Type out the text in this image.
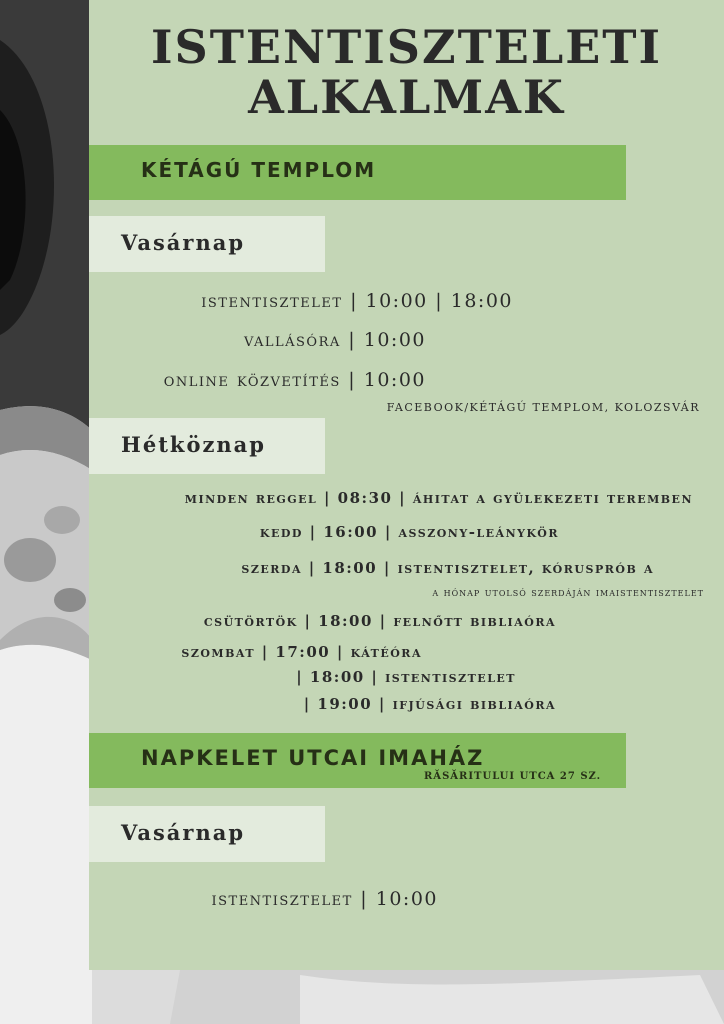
ISTENTISZTELETI
ALKALMAK
KÉTÁGÚ TEMPLOM
Vasárnap
istentisztelet | 10:00 | 18:00
vallásóra | 10:00
online közvetítés | 10:00
FACEBOOK/KÉTÁGÚ TEMPLOM, KOLOZSVÁR
Hétköznap
minden reggel | 08:30 | áhitat a gyülekezeti teremben
kedd | 16:00 | asszony-leánykör
szerda | 18:00 | istentisztelet, kórusprób a
a hónap utolsó szerdáján imaistentisztelet
csütörtök | 18:00 | felnőtt bibliaóra
szombat | 17:00 | kátéóra
| 18:00 | istentisztelet
| 19:00 | ifjúsági bibliaóra
NAPKELET UTCAI IMAHÁZ
RĂSĂRITULUI UTCA 27 SZ.
Vasárnap
istentisztelet | 10:00
